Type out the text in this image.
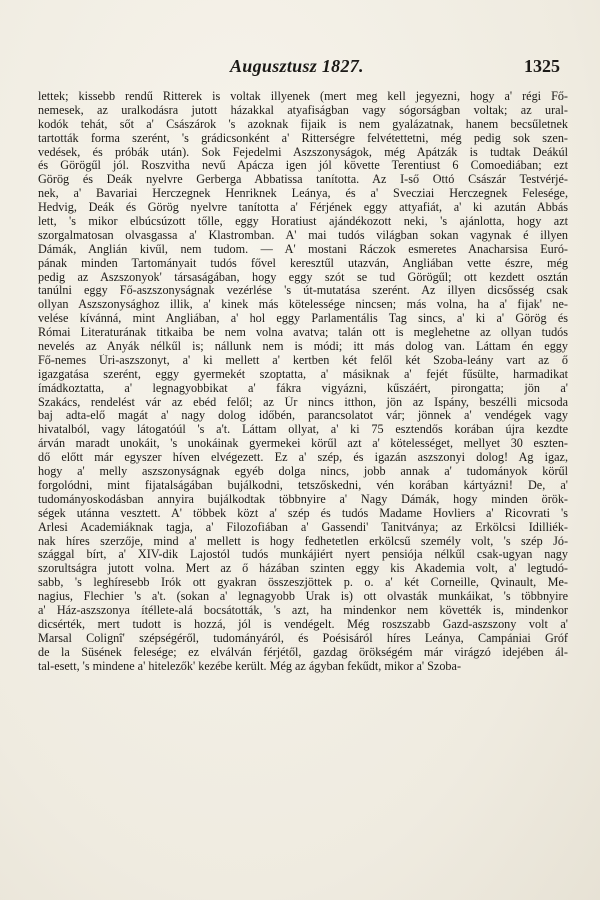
Augusztusz 1827.	1325
lettek; kissebb rendű Ritterek is voltak illyenek (mert meg kell jegyezni, hogy a' régi Fő-
nemesek, az uralkodásra jutott házakkal atyafiságban vagy sógorságban voltak; az ural-
kodók tehát, sőt a' Császárok 's azoknak fijaik is nem gyalázatnak, hanem becsűletnek
tartották forma szerént, 's grádicsonként a' Ritterségre felvétettetni, még pedig sok szen-
vedések, és próbák után). Sok Fejedelmi Aszszonyságok, még Apátzák is tudtak Deákúl
és Görögűl jól. Roszvitha nevű Apácza igen jól követte Terentiust 6 Comoediában; ezt
Görög és Deák nyelvre Gerberga Abbatissa tanította. Az I-ső Ottó Császár Testvérjé-
nek, a' Bavariai Herczegnek Henriknek Leánya, és a' Svecziai Herczegnek Felesége,
Hedvig, Deák és Görög nyelvre tanította a' Férjének eggy attyafiát, a' ki azután Abbás
lett, 's mikor elbúcsúzott tőlle, eggy Horatiust ajándékozott neki, 's ajánlotta, hogy azt
szorgalmatosan olvasgassa a' Klastromban. A' mai tudós világban sokan vagynak é illyen
Dámák, Anglián kivűl, nem tudom. — A' mostani Ráczok esmeretes Anacharsisa Euró-
pának minden Tartományait tudós fővel keresztűl utazván, Angliában vette észre, még
pedig az Aszszonyok' társaságában, hogy eggy szót se tud Görögűl; ott kezdett osztán
tanúlni eggy Fő-aszszonyságnak vezérlése 's út-mutatása szerént. Az illyen dicsősség csak
ollyan Aszszonysághoz illik, a' kinek más kötelessége nincsen; más volna, ha a' fijak' ne-
velése kívánná, mint Angliában, a' hol eggy Parlamentális Tag sincs, a' ki a' Görög és
Római Literaturának titkaiba be nem volna avatva; talán ott is meglehetne az ollyan tudós
nevelés az Anyák nélkűl is; nállunk nem is módi; itt más dolog van. Láttam én eggy
Fő-nemes Úri-aszszonyt, a' ki mellett a' kertben két felől két Szoba-leány vart az ő
igazgatása szerént, eggy gyermekét szoptatta, a' másiknak a' fejét fűsülte, harmadikat
ímádkoztatta, a' legnagyobbikat a' fákra vigyázni, kűszáért, pirongatta; jön a'
Szakács, rendelést vár az ebéd felől; az Úr nincs itthon, jön az Ispány, beszélli micsoda
baj adta-elő magát a' nagy dolog időbén, parancsolatot vár; jönnek a' vendégek vagy
hivatalból, vagy látogatóúl 's a't. Láttam ollyat, a' ki 75 esztendős korában újra kezdte
árván maradt unokáit, 's unokáinak gyermekei körűl azt a' kötelességet, mellyet 30 eszten-
dő előtt már egyszer híven elvégezett. Ez a' szép, és igazán aszszonyi dolog! Ag igaz,
hogy a' melly aszszonyságnak egyéb dolga nincs, jobb annak a' tudományok körűl
forgolódni, mint fijatalságában bujálkodni, tetszőskedni, vén korában kártyázni! De, a'
tudományoskodásban annyira bujálkodtak többnyire a' Nagy Dámák, hogy minden örök-
ségek utánna vesztett. A' többek közt a' szép és tudós Madame Hovliers a' Ricovrati 's
Arlesi Academiáknak tagja, a' Filozofiában a' Gassendi' Tanitványa; az Erkölcsi Idilliék-
nak híres szerzője, mind a' mellett is hogy fedhetetlen erkölcsű személy volt, 's szép Jó-
szággal bírt, a' XIV-dik Lajostól tudós munkájiért nyert pensiója nélkűl csak-ugyan nagy
szorultságra jutott volna. Mert az ő házában szinten eggy kis Akademia volt, a' legtudó-
sabb, 's leghíresebb Irók ott gyakran összeszjöttek p. o. a' két Corneille, Qvinault, Me-
nagius, Flechier 's a't. (sokan a' legnagyobb Urak is) ott olvasták munkáikat, 's többnyire
a' Ház-aszszonya ítéllete-alá bocsátották, 's azt, ha mindenkor nem követték is, mindenkor
dicsérték, mert tudott is hozzá, jól is vendégelt. Még roszszabb Gazd-aszszony volt a'
Marsal Colignî' szépségéről, tudományáról, és Poésisáról híres Leánya, Campániai Gróf
de la Süsének felesége; ez elválván férjétől, gazdag örökségém már virágzó idejében ál-
tal-esett, 's mindene a' hitelezők' kezébe került. Még az ágyban fekűdt, mikor a' Szoba-
